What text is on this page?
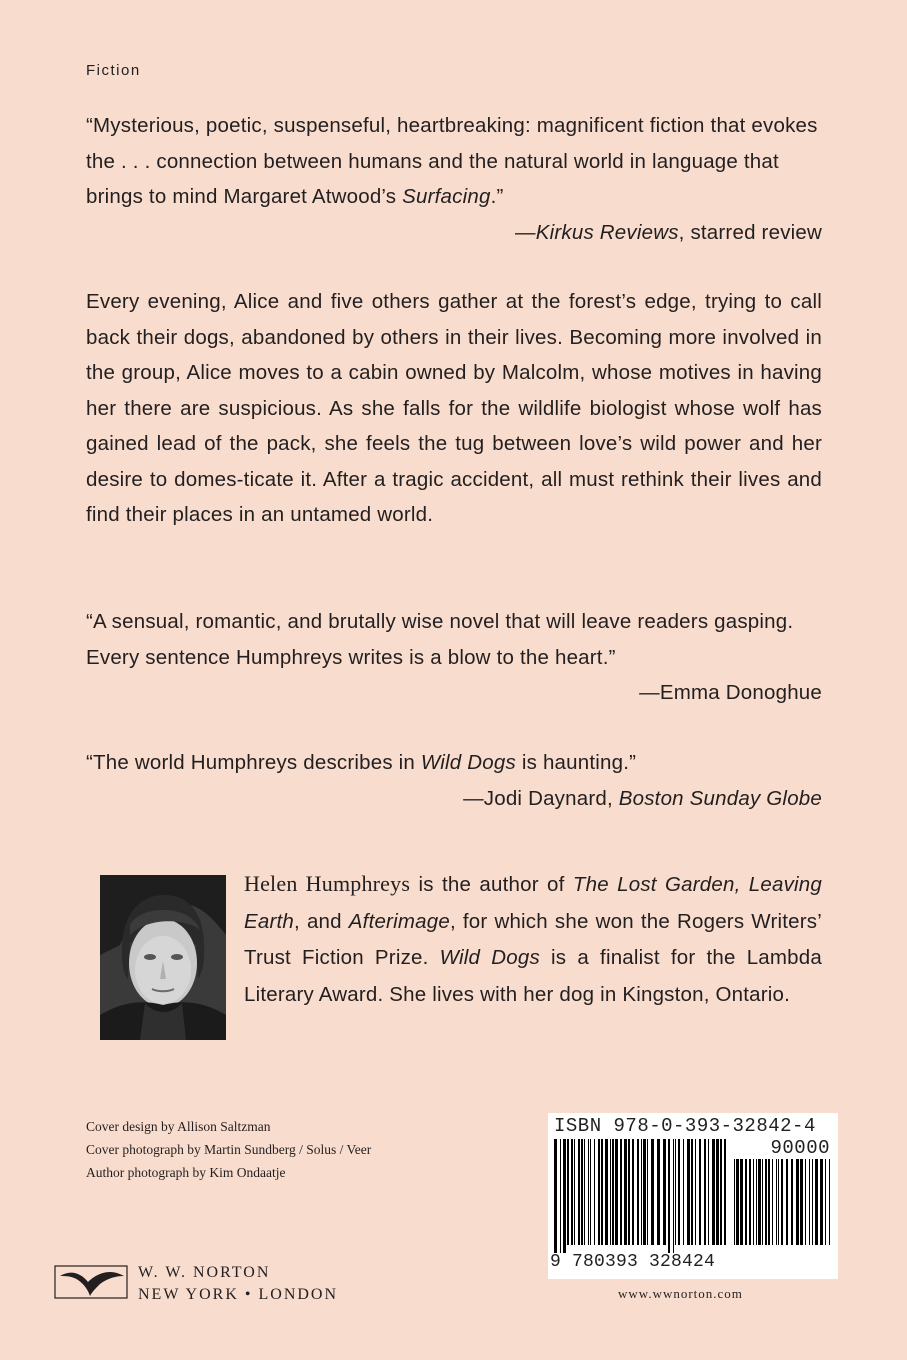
Fiction

“Mysterious, poetic, suspenseful, heartbreaking: magnificent fiction that evokes the . . . connection between humans and the natural world in language that brings to mind Margaret Atwood’s Surfacing.”

—Kirkus Reviews, starred review

Every evening, Alice and five others gather at the forest’s edge, trying to call back their dogs, abandoned by others in their lives. Becoming more involved in the group, Alice moves to a cabin owned by Malcolm, whose motives in having her there are suspicious. As she falls for the wildlife biologist whose wolf has gained lead of the pack, she feels the tug between love’s wild power and her desire to domes-ticate it. After a tragic accident, all must rethink their lives and find their places in an untamed world.

“A sensual, romantic, and brutally wise novel that will leave readers gasping. Every sentence Humphreys writes is a blow to the heart.”

—Emma Donoghue

“The world Humphreys describes in Wild Dogs is haunting.”

—Jodi Daynard, Boston Sunday Globe

Helen Humphreys is the author of The Lost Garden, Leaving Earth, and Afterimage, for which she won the Rogers Writers’ Trust Fiction Prize. Wild Dogs is a finalist for the Lambda Literary Award. She lives with her dog in Kingston, Ontario.
Cover design by Allison Saltzman
Cover photograph by Martin Sundberg / Solus / Veer
Author photograph by Kim Ondaatje
ISBN 978-0-393-32842-4
90000
9 780393 328424
W. W. NORTON
NEW YORK • LONDON	www.wwnorton.com
